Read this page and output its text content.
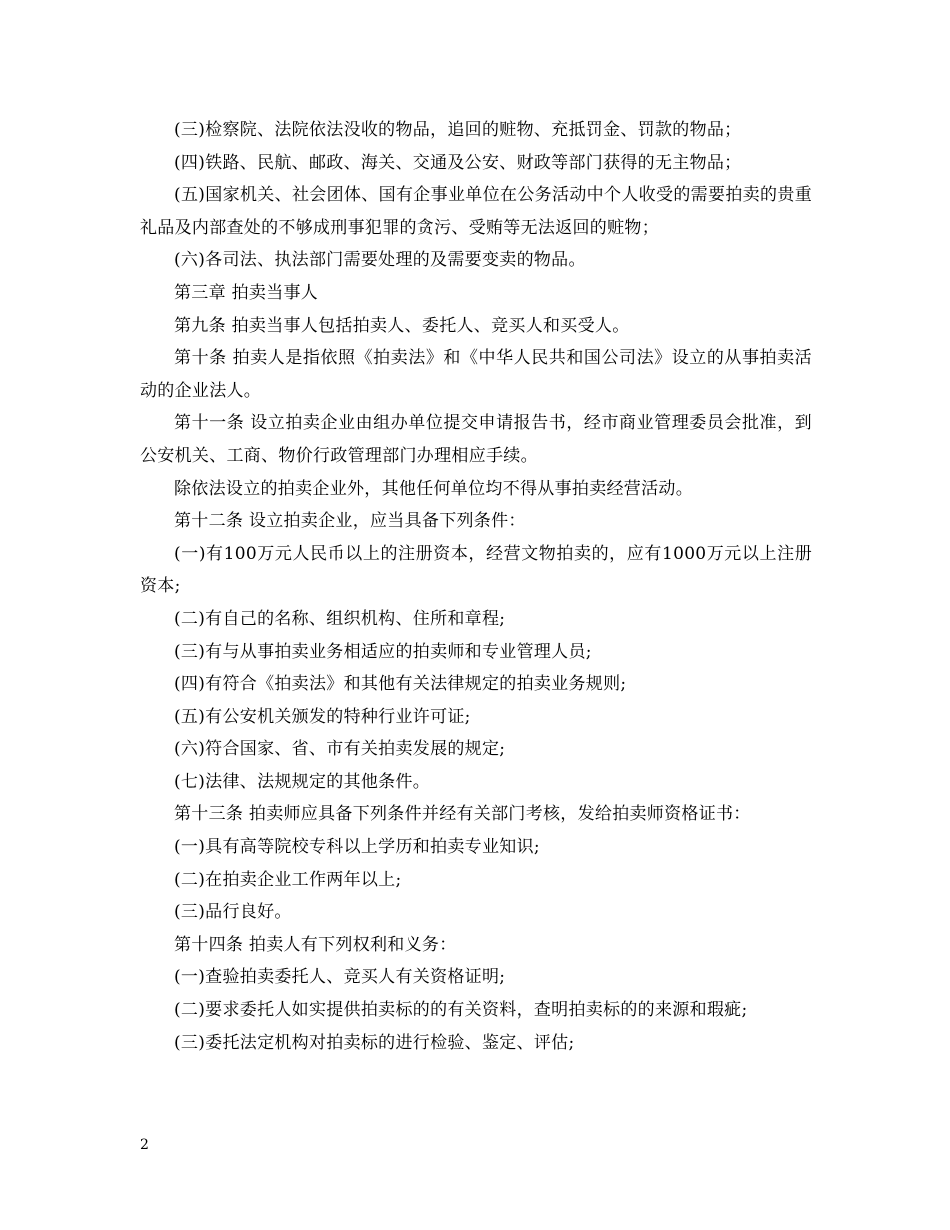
(三)检察院、法院依法没收的物品，追回的赃物、充抵罚金、罚款的物品；

(四)铁路、民航、邮政、海关、交通及公安、财政等部门获得的无主物品；

(五)国家机关、社会团体、国有企事业单位在公务活动中个人收受的需要拍卖的贵重礼品及内部查处的不够成刑事犯罪的贪污、受贿等无法返回的赃物；

(六)各司法、执法部门需要处理的及需要变卖的物品。

第三章 拍卖当事人

第九条 拍卖当事人包括拍卖人、委托人、竞买人和买受人。

第十条 拍卖人是指依照《拍卖法》和《中华人民共和国公司法》设立的从事拍卖活动的企业法人。

第十一条 设立拍卖企业由组办单位提交申请报告书，经市商业管理委员会批准，到公安机关、工商、物价行政管理部门办理相应手续。

除依法设立的拍卖企业外，其他任何单位均不得从事拍卖经营活动。

第十二条 设立拍卖企业，应当具备下列条件：

(一)有100万元人民币以上的注册资本，经营文物拍卖的，应有1000万元以上注册资本;

(二)有自己的名称、组织机构、住所和章程;

(三)有与从事拍卖业务相适应的拍卖师和专业管理人员;

(四)有符合《拍卖法》和其他有关法律规定的拍卖业务规则;

(五)有公安机关颁发的特种行业许可证;

(六)符合国家、省、市有关拍卖发展的规定;

(七)法律、法规规定的其他条件。

第十三条 拍卖师应具备下列条件并经有关部门考核，发给拍卖师资格证书：

(一)具有高等院校专科以上学历和拍卖专业知识;

(二)在拍卖企业工作两年以上;

(三)品行良好。

第十四条 拍卖人有下列权利和义务：

(一)查验拍卖委托人、竞买人有关资格证明;

(二)要求委托人如实提供拍卖标的的有关资料，查明拍卖标的的来源和瑕疵;

(三)委托法定机构对拍卖标的进行检验、鉴定、评估;

2
